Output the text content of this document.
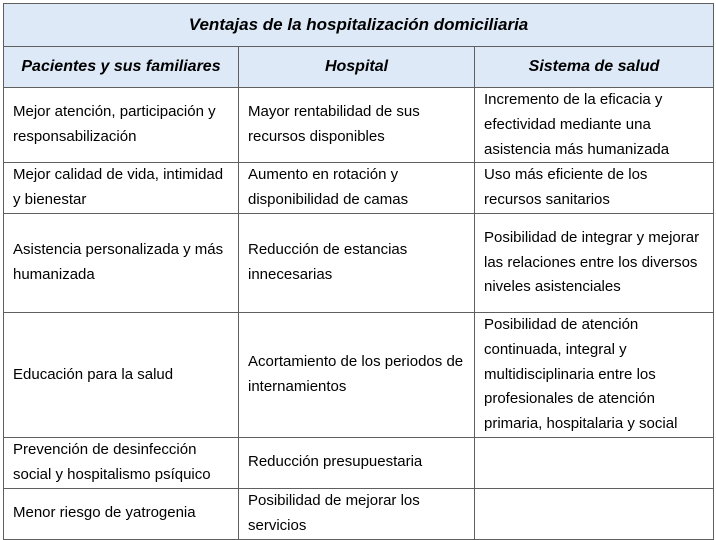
Ventajas de la hospitalización domiciliaria		
Pacientes y sus familiares	Hospital	Sistema de salud
Mejor atención, participación y responsabilización	Mayor rentabilidad de sus recursos disponibles	Incremento de la eficacia y efectividad mediante una asistencia más humanizada
Mejor calidad de vida, intimidad y bienestar	Aumento en rotación y disponibilidad de camas	Uso más eficiente de los recursos sanitarios
Asistencia personalizada y más humanizada	Reducción de estancias innecesarias	Posibilidad de integrar y mejorar las relaciones entre los diversos niveles asistenciales
Educación para la salud	Acortamiento de los periodos de internamientos	Posibilidad de atención continuada, integral y multidisciplinaria entre los profesionales de atención primaria, hospitalaria y social
Prevención de desinfección social y hospitalismo psíquico	Reducción presupuestaria	
Menor riesgo de yatrogenia	Posibilidad de mejorar los servicios	
